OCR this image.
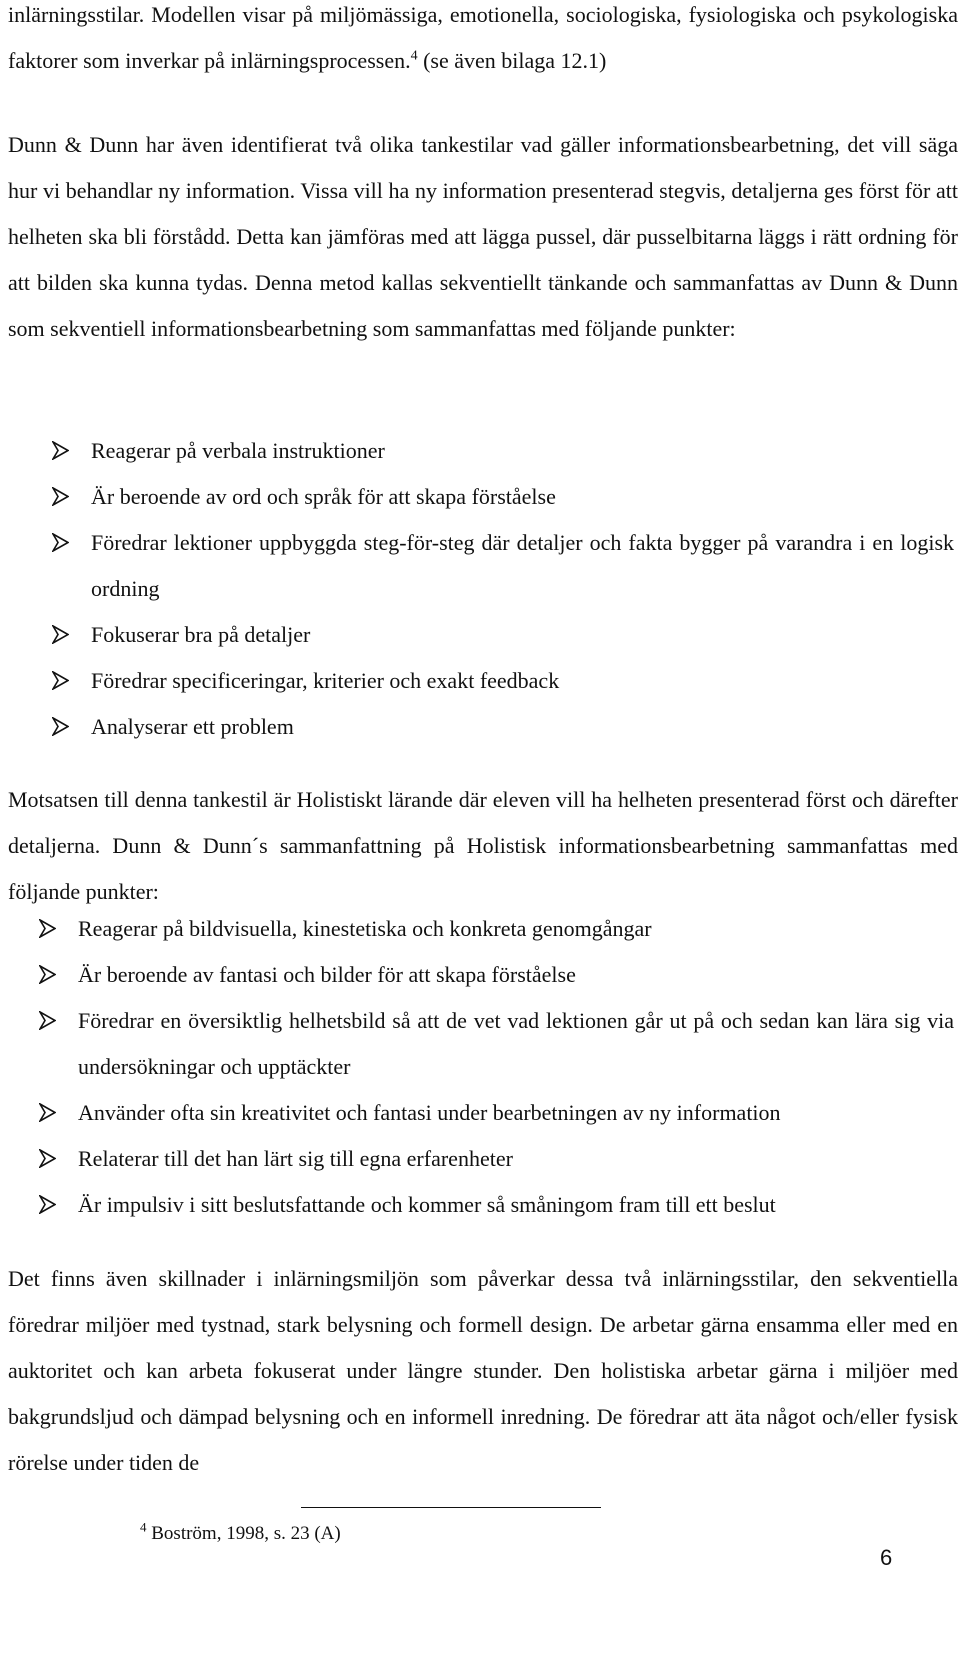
inlärningsstilar. Modellen visar på miljömässiga, emotionella, sociologiska, fysiologiska och psykologiska faktorer som inverkar på inlärningsprocessen.$^4$ (se även bilaga 12.1)

Dunn & Dunn har även identifierat två olika tankestilar vad gäller informationsbearbetning, det vill säga hur vi behandlar ny information. Vissa vill ha ny information presenterad stegvis, detaljerna ges först för att helheten ska bli förstådd. Detta kan jämföras med att lägga pussel, där pusselbitarna läggs i rätt ordning för att bilden ska kunna tydas. Denna metod kallas sekventiellt tänkande och sammanfattas av Dunn & Dunn som sekventiell informationsbearbetning som sammanfattas med följande punkter:

Reagerar på verbala instruktioner
Är beroende av ord och språk för att skapa förståelse
Föredrar lektioner uppbyggda steg-för-steg där detaljer och fakta bygger på varandra i en logisk ordning
Fokuserar bra på detaljer
Föredrar specificeringar, kriterier och exakt feedback
Analyserar ett problem

Motsatsen till denna tankestil är Holistiskt lärande där eleven vill ha helheten presenterad först och därefter detaljerna. Dunn & Dunn´s sammanfattning på Holistisk informationsbearbetning sammanfattas med följande punkter:

Reagerar på bildvisuella, kinestetiska och konkreta genomgångar
Är beroende av fantasi och bilder för att skapa förståelse
Föredrar en översiktlig helhetsbild så att de vet vad lektionen går ut på och sedan kan lära sig via undersökningar och upptäckter
Använder ofta sin kreativitet och fantasi under bearbetningen av ny information
Relaterar till det han lärt sig till egna erfarenheter
Är impulsiv i sitt beslutsfattande och kommer så småningom fram till ett beslut

Det finns även skillnader i inlärningsmiljön som påverkar dessa två inlärningsstilar, den sekventiella föredrar miljöer med tystnad, stark belysning och formell design. De arbetar gärna ensamma eller med en auktoritet och kan arbeta fokuserat under längre stunder. Den holistiska arbetar gärna i miljöer med bakgrundsljud och dämpad belysning och en informell inredning. De föredrar att äta något och/eller fysisk rörelse under tiden de

$^4$ Boström, 1998, s. 23 (A)
6
